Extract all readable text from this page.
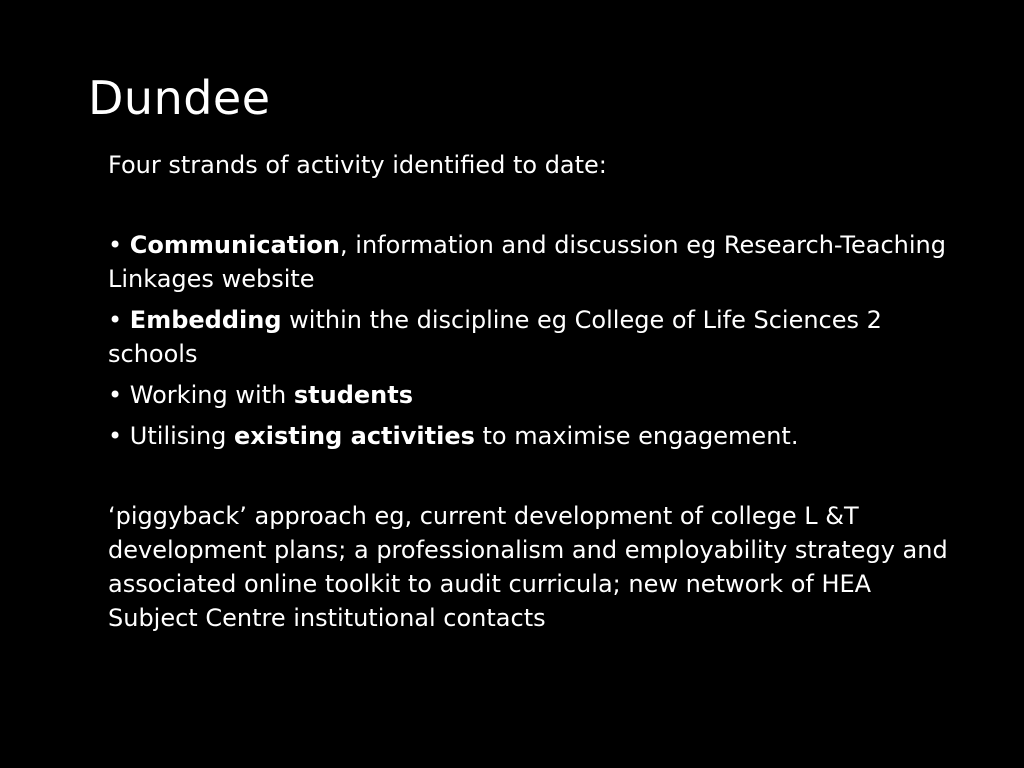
Dundee

Four strands of activity identified to date:

• Communication, information and discussion eg Research-Teaching Linkages website

• Embedding within the discipline eg College of Life Sciences 2 schools

• Working with students

• Utilising existing activities to maximise engagement.

‘piggyback’ approach eg, current development of college L &T development plans; a professionalism and employability strategy and associated online toolkit to audit curricula; new network of HEA Subject Centre institutional contacts
